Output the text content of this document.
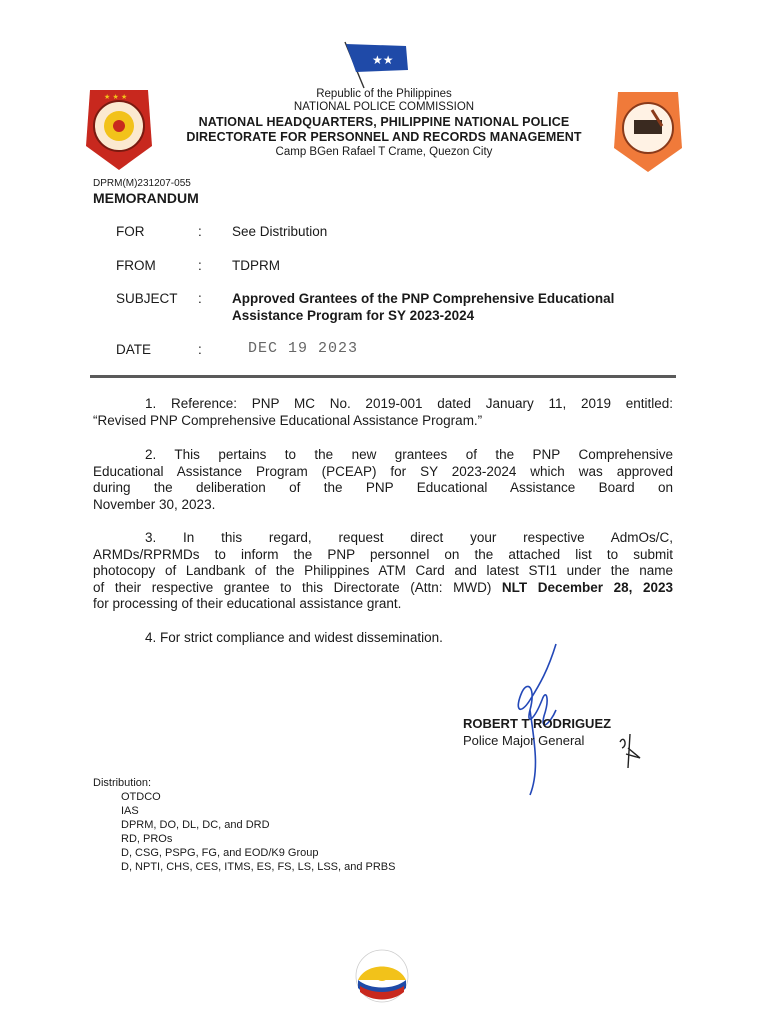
★★
★ ★ ★	Republic of the Philippines
NATIONAL POLICE COMMISSION
NATIONAL HEADQUARTERS, PHILIPPINE NATIONAL POLICE
DIRECTORATE FOR PERSONNEL AND RECORDS MANAGEMENT
Camp BGen Rafael T Crame, Quezon City
DPRM(M)231207-055
MEMORANDUM
FOR	: See Distribution
FROM	: TDPRM
SUBJECT : Approved Grantees of the PNP Comprehensive Educational
Assistance Program for SY 2023-2024
DATE	:	DEC 19 2023
1. Reference: PNP MC No. 2019-001 dated January 11, 2019 entitled:
“Revised PNP Comprehensive Educational Assistance Program.”
2. This pertains to the new grantees of the PNP Comprehensive
Educational Assistance Program (PCEAP) for SY 2023-2024 which was approved
during the deliberation of the PNP Educational Assistance Board on
November 30, 2023.
3. In this regard, request direct your respective AdmOs/C,
ARMDs/RPRMDs to inform the PNP personnel on the attached list to submit
photocopy of Landbank of the Philippines ATM Card and latest STI1 under the name
of their respective grantee to this Directorate (Attn: MWD) NLT December 28, 2023
for processing of their educational assistance grant.
4. For strict compliance and widest dissemination.
ROBERT T RODRIGUEZ
Police Major General
Distribution:
OTDCO
IAS
DPRM, DO, DL, DC, and DRD
RD, PROs
D, CSG, PSPG, FG, and EOD/K9 Group
D, NPTI, CHS, CES, ITMS, ES, FS, LS, LSS, and PRBS
